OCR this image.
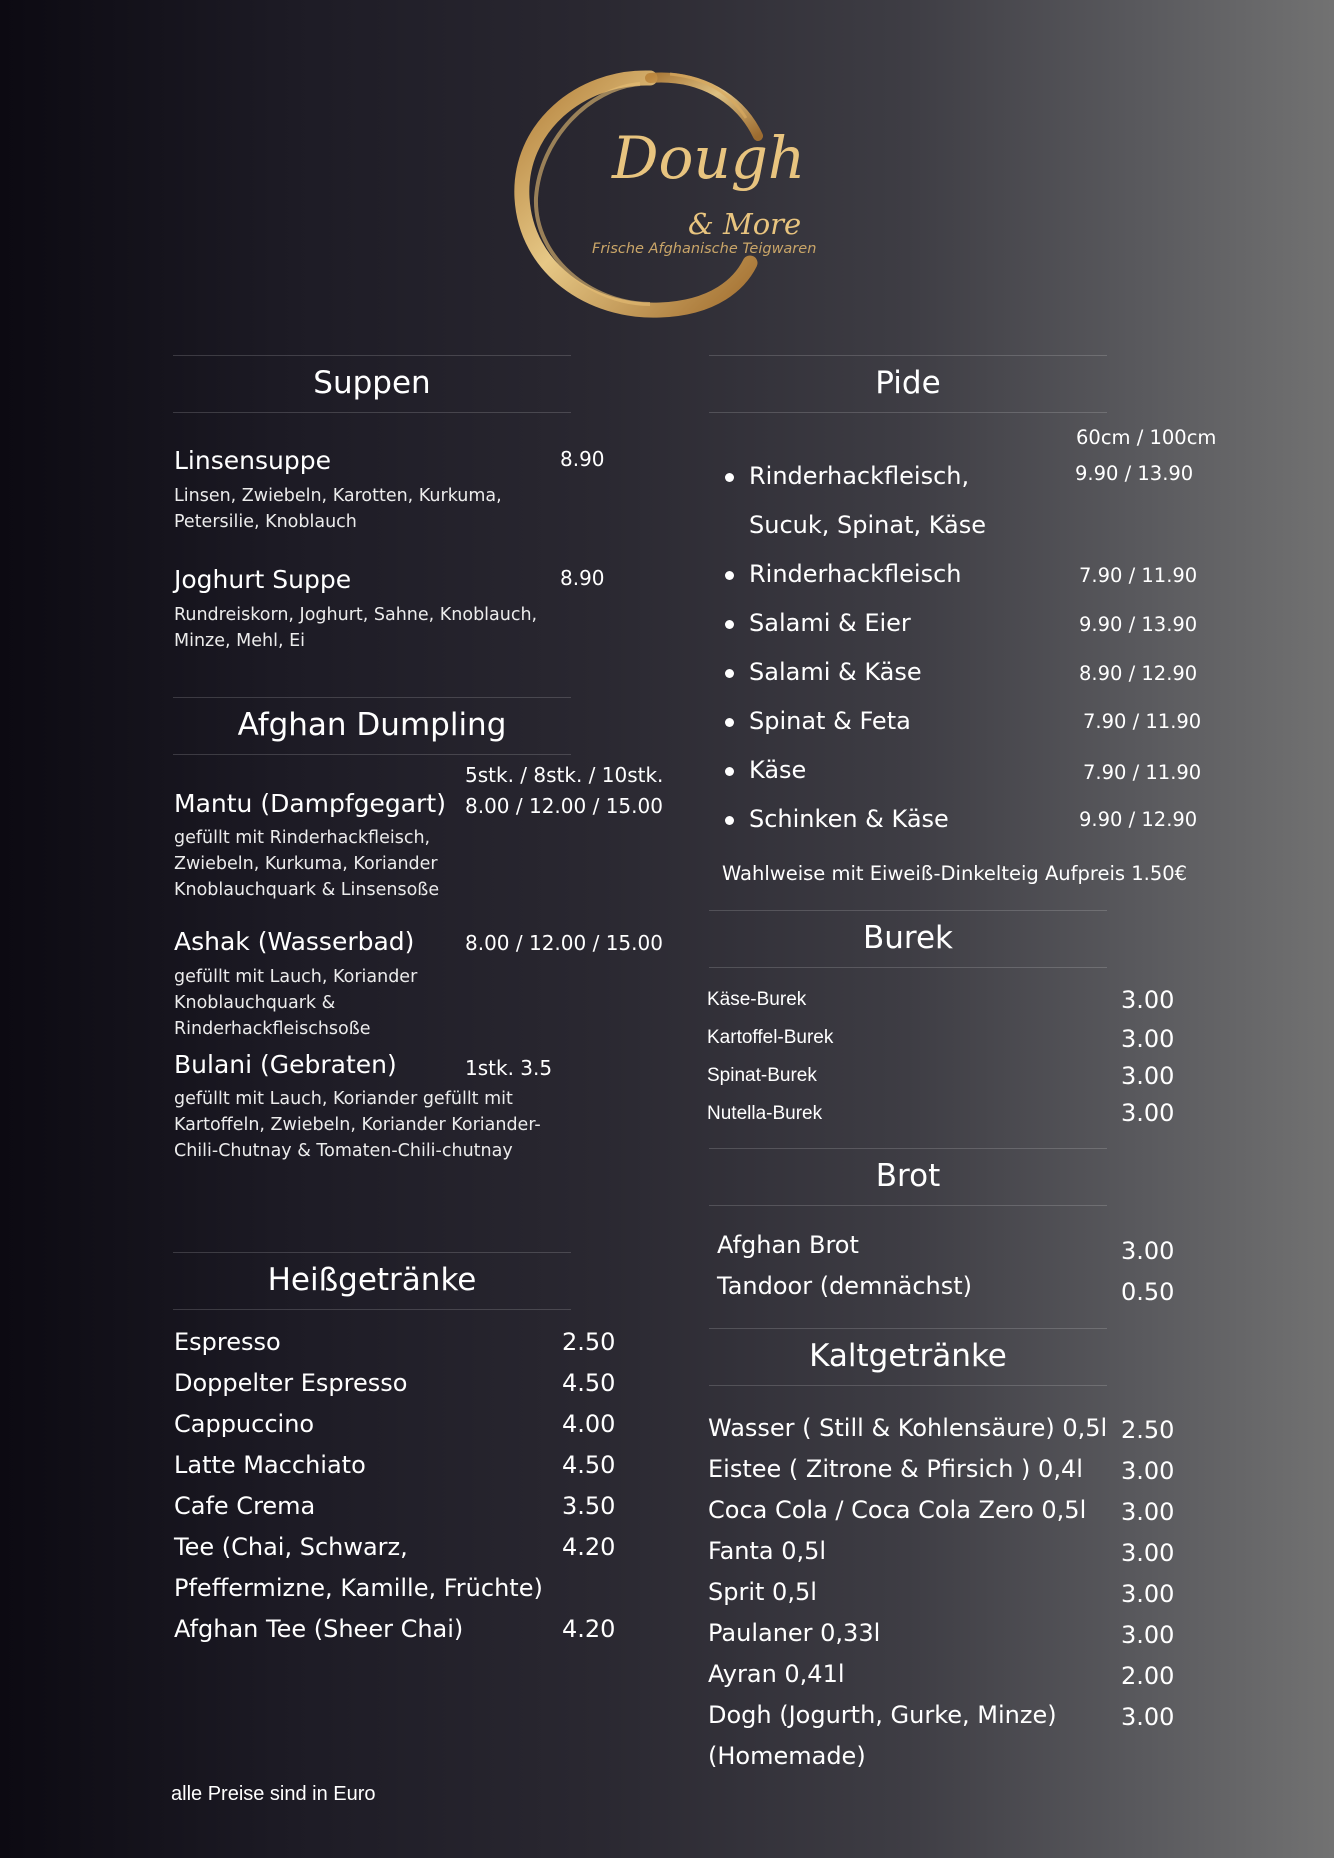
Dough
& More
Frische Afghanische Teigwaren
Suppen
Linsensuppe	8.90
Linsen, Zwiebeln, Karotten, Kurkuma, Petersilie, Knoblauch
Joghurt Suppe	8.90
Rundreiskorn, Joghurt, Sahne, Knoblauch, Minze, Mehl, Ei
Afghan Dumpling
5stk. / 8stk. / 10stk.
Mantu (Dampfgegart) 8.00 / 12.00 / 15.00
gefüllt mit Rinderhackfleisch, Zwiebeln, Kurkuma, Koriander Knoblauchquark & Linsensoße
Ashak (Wasserbad)	8.00 / 12.00 / 15.00
gefüllt mit Lauch, Koriander Knoblauchquark & Rinderhackfleischsoße
Bulani (Gebraten)	1stk. 3.5
gefüllt mit Lauch, Koriander gefüllt mit Kartoffeln, Zwiebeln, Koriander Koriander-Chili-Chutnay & Tomaten-Chili-chutnay
Heißgetränke
Espresso	2.50
Doppelter Espresso	4.50
Cappuccino	4.00
Latte Macchiato	4.50
Cafe Crema	3.50
Tee (Chai, Schwarz,	4.20
Pfeffermizne, Kamille, Früchte)
Afghan Tee (Sheer Chai)	4.20
alle Preise sind in Euro
Pide
60cm / 100cm
Rinderhackfleisch,	9.90 / 13.90
Sucuk, Spinat, Käse
Rinderhackfleisch	7.90 / 11.90
Salami & Eier	9.90 / 13.90
Salami & Käse	8.90 / 12.90
Spinat & Feta	7.90 / 11.90
Käse	7.90 / 11.90
Schinken & Käse	9.90 / 12.90
Wahlweise mit Eiweiß-Dinkelteig Aufpreis 1.50€
Burek
Käse-Burek	3.00
Kartoffel-Burek	3.00
Spinat-Burek	3.00
Nutella-Burek	3.00
Brot
Afghan Brot	3.00
Tandoor (demnächst)	0.50
Kaltgetränke
Wasser ( Still & Kohlensäure) 0,5l 2.50
Eistee ( Zitrone & Pfirsich ) 0,4l 3.00
Coca Cola / Coca Cola Zero 0,5l 3.00
Fanta 0,5l	3.00
Sprit 0,5l	3.00
Paulaner 0,33l	3.00
Ayran 0,41l	2.00
Dogh (Jogurth, Gurke, Minze)	3.00
(Homemade)
